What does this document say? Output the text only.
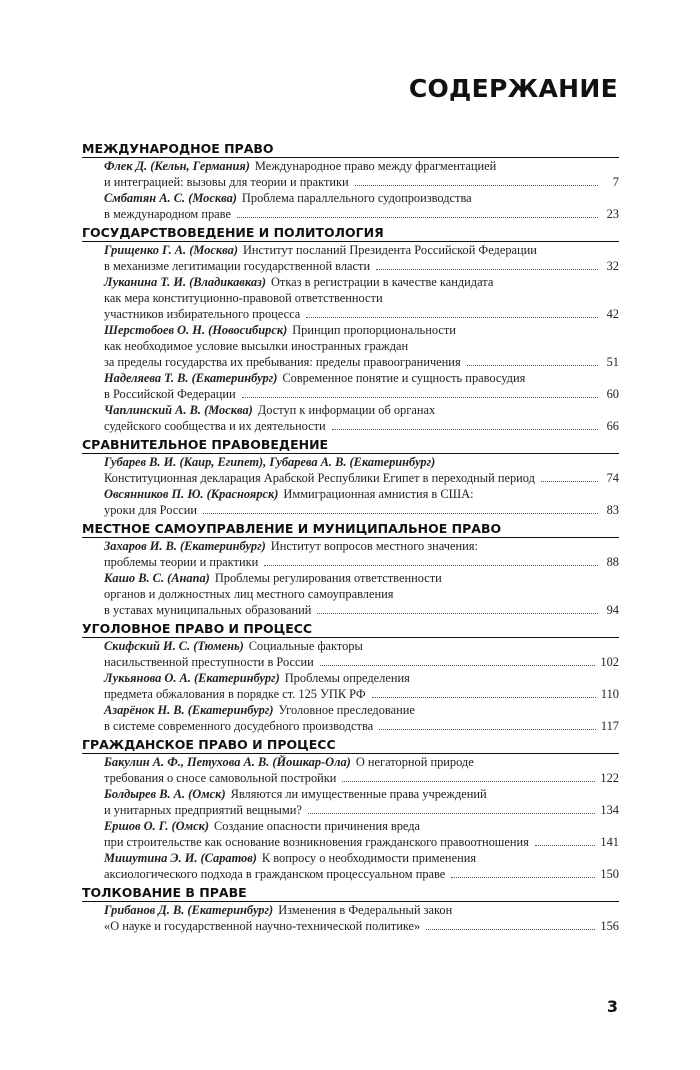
СОДЕРЖАНИЕ
МЕЖДУНАРОДНОЕ ПРАВО
Флек Д. (Кельн, Германия) Международное право между фрагментацией
и интеграцией: вызовы для теории и практики	7
Смбатян А. С. (Москва) Проблема параллельного судопроизводства
в международном праве	23
ГОСУДАРСТВОВЕДЕНИЕ И ПОЛИТОЛОГИЯ
Грищенко Г. А. (Москва) Институт посланий Президента Российской Федерации
в механизме легитимации государственной власти	32
Луканина Т. И. (Владикавказ) Отказ в регистрации в качестве кандидата
как мера конституционно-правовой ответственности
участников избирательного процесса	42
Шерстобоев О. Н. (Новосибирск) Принцип пропорциональности
как необходимое условие высылки иностранных граждан
за пределы государства их пребывания: пределы правоограничения	51
Наделяева Т. В. (Екатеринбург) Современное понятие и сущность правосудия
в Российской Федерации	60
Чаплинский А. В. (Москва) Доступ к информации об органах
судейского сообщества и их деятельности	66
СРАВНИТЕЛЬНОЕ ПРАВОВЕДЕНИЕ
Губарев В. И. (Каир, Египет), Губарева А. В. (Екатеринбург)
Конституционная декларация Арабской Республики Египет в переходный период	74
Овсянников П. Ю. (Красноярск) Иммиграционная амнистия в США:
уроки для России	83
МЕСТНОЕ САМОУПРАВЛЕНИЕ И МУНИЦИПАЛЬНОЕ ПРАВО
Захаров И. В. (Екатеринбург) Институт вопросов местного значения:
проблемы теории и практики	88
Кашо В. С. (Анапа) Проблемы регулирования ответственности
органов и должностных лиц местного самоуправления
в уставах муниципальных образований	94
УГОЛОВНОЕ ПРАВО И ПРОЦЕСС
Скифский И. С. (Тюмень) Социальные факторы
насильственной преступности в России	102
Лукьянова О. А. (Екатеринбург) Проблемы определения
предмета обжалования в порядке ст. 125 УПК РФ	110
Азарёнок Н. В. (Екатеринбург) Уголовное преследование
в системе современного досудебного производства	117
ГРАЖДАНСКОЕ ПРАВО И ПРОЦЕСС
Бакулин А. Ф., Петухова А. В. (Йошкар-Ола) О негаторной природе
требования о сносе самовольной постройки	122
Болдырев В. А. (Омск) Являются ли имущественные права учреждений
и унитарных предприятий вещными?	134
Ершов О. Г. (Омск) Создание опасности причинения вреда
при строительстве как основание возникновения гражданского правоотношения	141
Мишутина Э. И. (Саратов) К вопросу о необходимости применения
аксиологического подхода в гражданском процессуальном праве	150
ТОЛКОВАНИЕ В ПРАВЕ
Грибанов Д. В. (Екатеринбург) Изменения в Федеральный закон
«О науке и государственной научно-технической политике»	156
3
